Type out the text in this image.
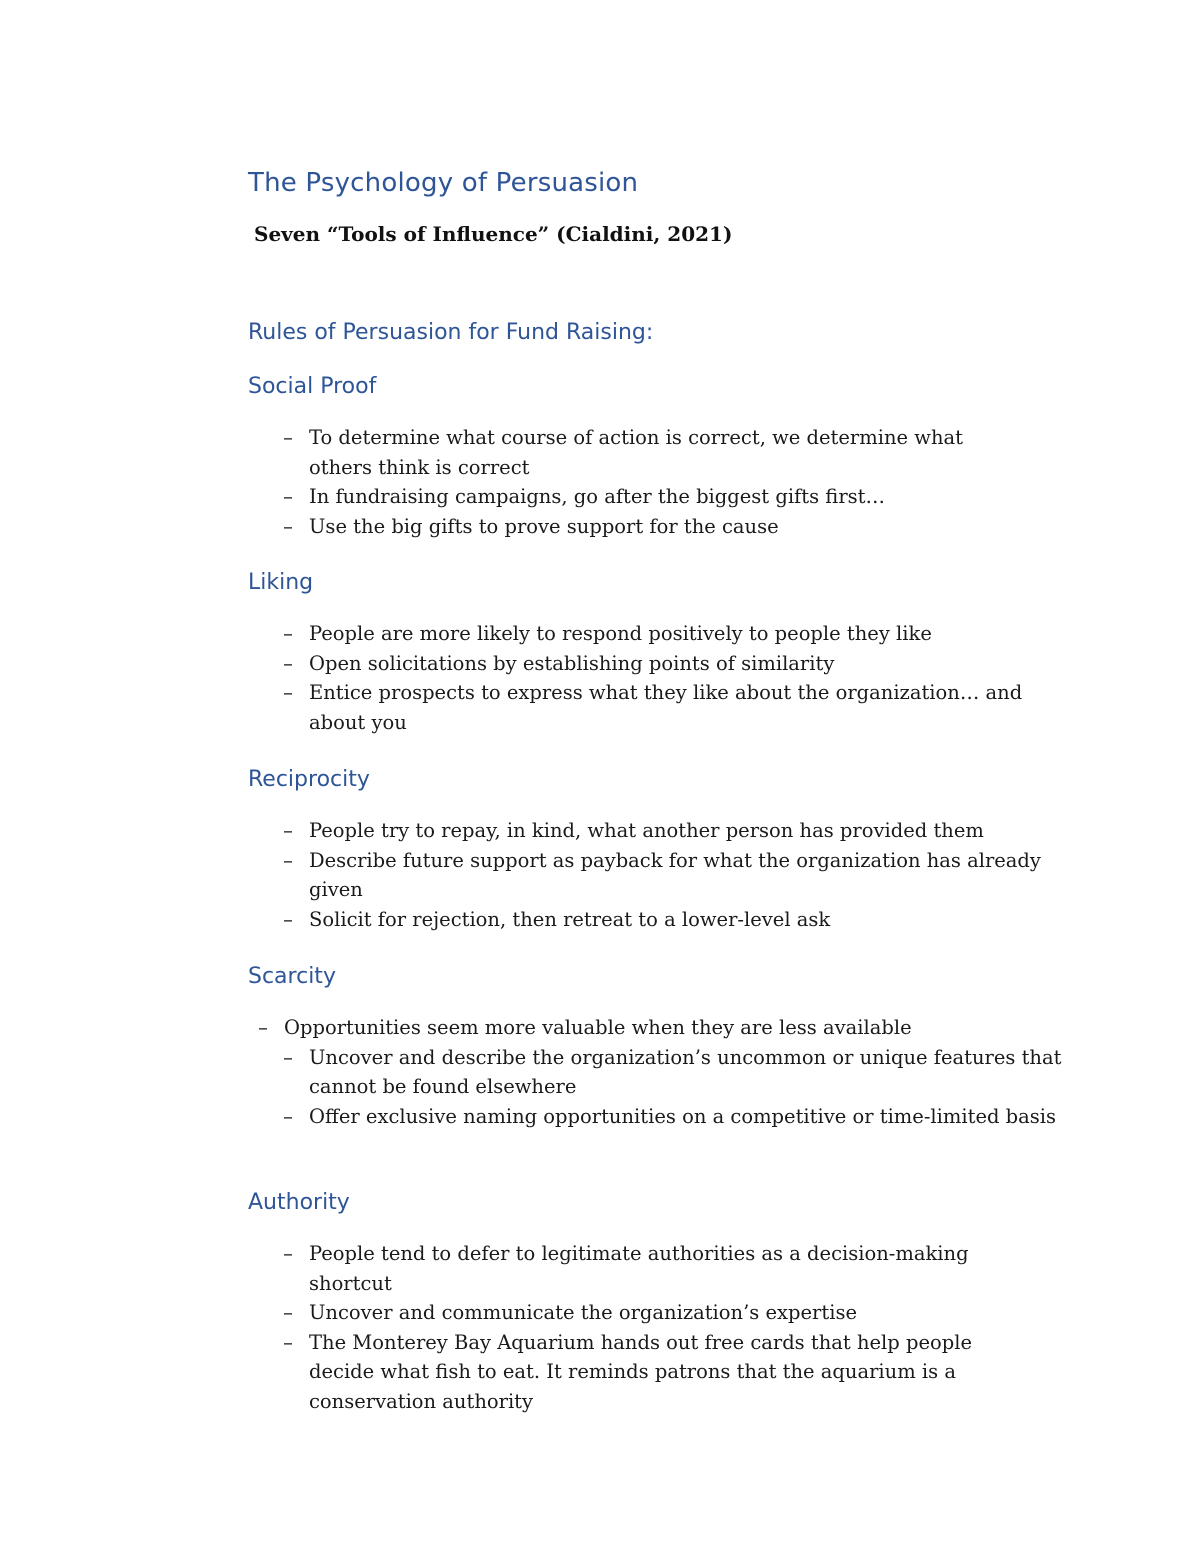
The Psychology of Persuasion
Seven “Tools of Influence” (Cialdini, 2021)
Rules of Persuasion for Fund Raising:
Social Proof
– To determine what course of action is correct, we determine what others think is correct
– In fundraising campaigns, go after the biggest gifts first…
– Use the big gifts to prove support for the cause
Liking
– People are more likely to respond positively to people they like
– Open solicitations by establishing points of similarity
– Entice prospects to express what they like about the organization… and about you
Reciprocity
– People try to repay, in kind, what another person has provided them
– Describe future support as payback for what the organization has already given
– Solicit for rejection, then retreat to a lower-level ask
Scarcity
– Opportunities seem more valuable when they are less available
– Uncover and describe the organization’s uncommon or unique features that cannot be found elsewhere
– Offer exclusive naming opportunities on a competitive or time-limited basis
Authority
– People tend to defer to legitimate authorities as a decision-making shortcut
– Uncover and communicate the organization’s expertise
– The Monterey Bay Aquarium hands out free cards that help people decide what fish to eat. It reminds patrons that the aquarium is a conservation authority
